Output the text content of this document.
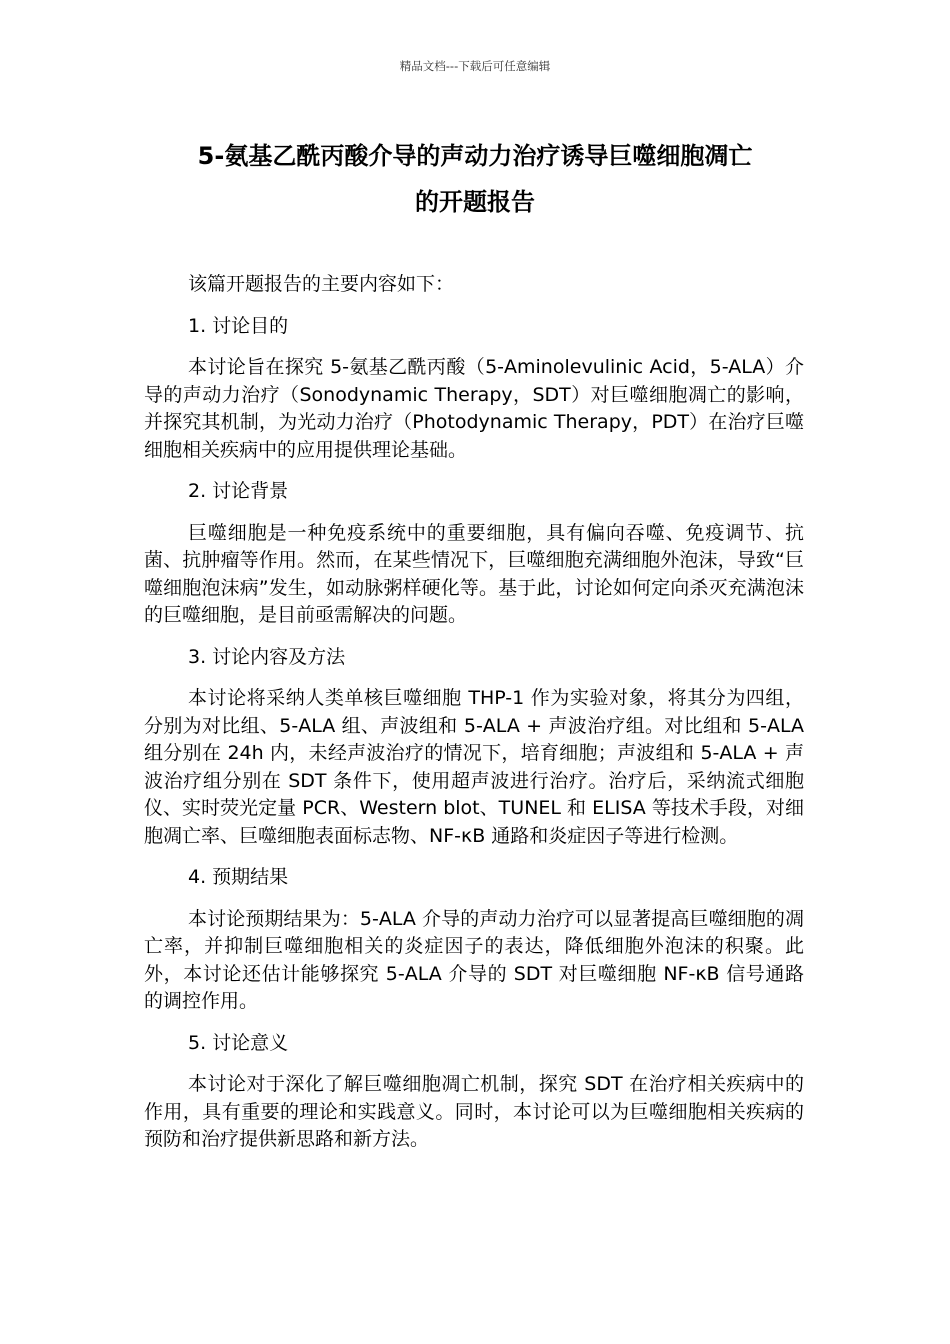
精品文档---下载后可任意编辑
5-氨基乙酰丙酸介导的声动力治疗诱导巨噬细胞凋亡
的开题报告

该篇开题报告的主要内容如下：

1. 讨论目的

本讨论旨在探究 5-氨基乙酰丙酸（5-Aminolevulinic Acid，5-ALA）介导的声动力治疗（Sonodynamic Therapy，SDT）对巨噬细胞凋亡的影响，并探究其机制，为光动力治疗（Photodynamic Therapy，PDT）在治疗巨噬细胞相关疾病中的应用提供理论基础。

2. 讨论背景

巨噬细胞是一种免疫系统中的重要细胞，具有偏向吞噬、免疫调节、抗菌、抗肿瘤等作用。然而，在某些情况下，巨噬细胞充满细胞外泡沫，导致“巨噬细胞泡沫病”发生，如动脉粥样硬化等。基于此，讨论如何定向杀灭充满泡沫的巨噬细胞，是目前亟需解决的问题。

3. 讨论内容及方法

本讨论将采纳人类单核巨噬细胞 THP-1 作为实验对象，将其分为四组，分别为对比组、5-ALA 组、声波组和 5-ALA + 声波治疗组。对比组和 5-ALA 组分别在 24h 内，未经声波治疗的情况下，培育细胞；声波组和 5-ALA + 声波治疗组分别在 SDT 条件下，使用超声波进行治疗。治疗后，采纳流式细胞仪、实时荧光定量 PCR、Western blot、TUNEL 和 ELISA 等技术手段，对细胞凋亡率、巨噬细胞表面标志物、NF-κB 通路和炎症因子等进行检测。

4. 预期结果

本讨论预期结果为：5-ALA 介导的声动力治疗可以显著提高巨噬细胞的凋亡率，并抑制巨噬细胞相关的炎症因子的表达，降低细胞外泡沫的积聚。此外，本讨论还估计能够探究 5-ALA 介导的 SDT 对巨噬细胞 NF-κB 信号通路的调控作用。

5. 讨论意义

本讨论对于深化了解巨噬细胞凋亡机制，探究 SDT 在治疗相关疾病中的作用，具有重要的理论和实践意义。同时，本讨论可以为巨噬细胞相关疾病的预防和治疗提供新思路和新方法。
